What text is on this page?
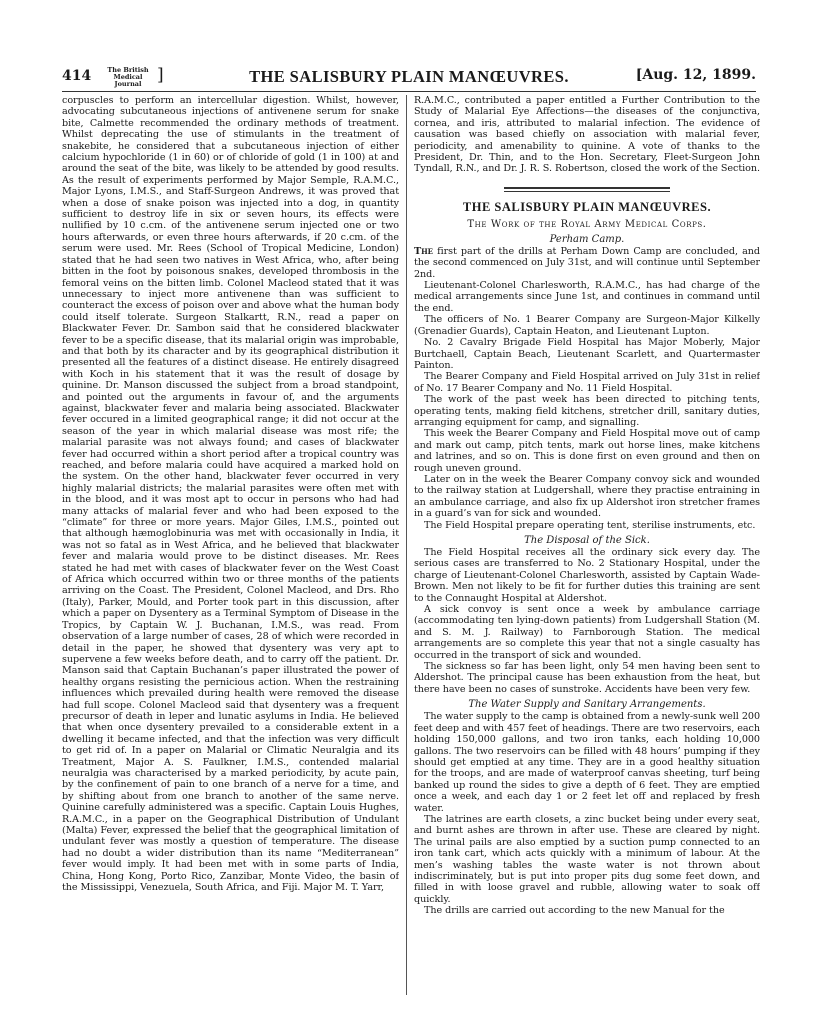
414	The British
Medical Journal ]	THE SALISBURY PLAIN MANŒUVRES.	[Aug. 12, 1899.

corpuscles to perform an intercellular digestion. Whilst, however, advocating subcutaneous injections of antivenene serum for snake bite, Calmette recommended the ordinary methods of treatment. Whilst deprecating the use of stimulants in the treatment of snakebite, he considered that a subcutaneous injection of either calcium hypochloride (1 in 60) or of chloride of gold (1 in 100) at and around the seat of the bite, was likely to be attended by good results. As the result of experiments performed by Major Semple, R.A.M.C., Major Lyons, I.M.S., and Staff-Surgeon Andrews, it was proved that when a dose of snake poison was injected into a dog, in quantity sufficient to destroy life in six or seven hours, its effects were nullified by 10 c.cm. of the antivenene serum injected one or two hours afterwards, or even three hours afterwards, if 20 c.cm. of the serum were used. Mr. Rees (School of Tropical Medicine, London) stated that he had seen two natives in West Africa, who, after being bitten in the foot by poisonous snakes, developed thrombosis in the femoral veins on the bitten limb. Colonel Macleod stated that it was unnecessary to inject more antivenene than was sufficient to counteract the excess of poison over and above what the human body could itself tolerate. Surgeon Stalkartt, R.N., read a paper on Blackwater Fever. Dr. Sambon said that he considered blackwater fever to be a specific disease, that its malarial origin was improbable, and that both by its character and by its geographical distribution it presented all the features of a distinct disease. He entirely disagreed with Koch in his statement that it was the result of dosage by quinine. Dr. Manson discussed the subject from a broad standpoint, and pointed out the arguments in favour of, and the arguments against, blackwater fever and malaria being associated. Blackwater fever occured in a limited geographical range; it did not occur at the season of the year in which malarial disease was most rife; the malarial parasite was not always found; and cases of blackwater fever had occurred within a short period after a tropical country was reached, and before malaria could have acquired a marked hold on the system. On the other hand, blackwater fever occurred in very highly malarial districts; the malarial parasites were often met with in the blood, and it was most apt to occur in persons who had had many attacks of malarial fever and who had been exposed to the “climate” for three or more years. Major Giles, I.M.S., pointed out that although hæmoglobinuria was met with occasionally in India, it was not so fatal as in West Africa, and he believed that blackwater fever and malaria would prove to be distinct diseases. Mr. Rees stated he had met with cases of blackwater fever on the West Coast of Africa which occurred within two or three months of the patients arriving on the Coast. The President, Colonel Macleod, and Drs. Rho (Italy), Parker, Mould, and Porter took part in this discussion, after which a paper on Dysentery as a Terminal Symptom of Disease in the Tropics, by Captain W. J. Buchanan, I.M.S., was read. From observation of a large number of cases, 28 of which were recorded in detail in the paper, he showed that dysentery was very apt to supervene a few weeks before death, and to carry off the patient. Dr. Manson said that Captain Buchanan’s paper illustrated the power of healthy organs resisting the pernicious action. When the restraining influences which prevailed during health were removed the disease had full scope. Colonel Macleod said that dysentery was a frequent precursor of death in leper and lunatic asylums in India. He believed that when once dysentery prevailed to a considerable extent in a dwelling it became infected, and that the infection was very difficult to get rid of. In a paper on Malarial or Climatic Neuralgia and its Treatment, Major A. S. Faulkner, I.M.S., contended malarial neuralgia was characterised by a marked periodicity, by acute pain, by the confinement of pain to one branch of a nerve for a time, and by shifting about from one branch to another of the same nerve. Quinine carefully administered was a specific. Captain Louis Hughes, R.A.M.C., in a paper on the Geographical Distribution of Undulant (Malta) Fever, expressed the belief that the geographical limitation of undulant fever was mostly a question of temperature. The disease had no doubt a wider distribution than its name “Mediterranean” fever would imply. It had been met with in some parts of India, China, Hong Kong, Porto Rico, Zanzibar, Monte Video, the basin of the Mississippi, Venezuela, South Africa, and Fiji. Major M. T. Yarr,

R.A.M.C., contributed a paper entitled a Further Contribution to the Study of Malarial Eye Affections—the diseases of the conjunctiva, cornea, and iris, attributed to malarial infection. The evidence of causation was based chiefly on association with malarial fever, periodicity, and amenability to quinine. A vote of thanks to the President, Dr. Thin, and to the Hon. Secretary, Fleet-Surgeon John Tyndall, R.N., and Dr. J. R. S. Robertson, closed the work of the Section.

THE SALISBURY PLAIN MANŒUVRES.
The Work of the Royal Army Medical Corps.
Perham Camp.

The first part of the drills at Perham Down Camp are concluded, and the second commenced on July 31st, and will continue until September 2nd.

Lieutenant-Colonel Charlesworth, R.A.M.C., has had charge of the medical arrangements since June 1st, and continues in command until the end.

The officers of No. 1 Bearer Company are Surgeon-Major Kilkelly (Grenadier Guards), Captain Heaton, and Lieutenant Lupton.

No. 2 Cavalry Brigade Field Hospital has Major Moberly, Major Burtchaell, Captain Beach, Lieutenant Scarlett, and Quartermaster Painton.

The Bearer Company and Field Hospital arrived on July 31st in relief of No. 17 Bearer Company and No. 11 Field Hospital.

The work of the past week has been directed to pitching tents, operating tents, making field kitchens, stretcher drill, sanitary duties, arranging equipment for camp, and signalling.

This week the Bearer Company and Field Hospital move out of camp and mark out camp, pitch tents, mark out horse lines, make kitchens and latrines, and so on. This is done first on even ground and then on rough uneven ground.

Later on in the week the Bearer Company convoy sick and wounded to the railway station at Ludgershall, where they practise entraining in an ambulance carriage, and also fix up Aldershot iron stretcher frames in a guard’s van for sick and wounded.

The Field Hospital prepare operating tent, sterilise instruments, etc.

The Disposal of the Sick.

The Field Hospital receives all the ordinary sick every day. The serious cases are transferred to No. 2 Stationary Hospital, under the charge of Lieutenant-Colonel Charlesworth, assisted by Captain Wade-Brown. Men not likely to be fit for further duties this training are sent to the Connaught Hospital at Aldershot.

A sick convoy is sent once a week by ambulance carriage (accommodating ten lying-down patients) from Ludgershall Station (M. and S. M. J. Railway) to Farnborough Station. The medical arrangements are so complete this year that not a single casualty has occurred in the transport of sick and wounded.

The sickness so far has been light, only 54 men having been sent to Aldershot. The principal cause has been exhaustion from the heat, but there have been no cases of sunstroke. Accidents have been very few.

The Water Supply and Sanitary Arrangements.

The water supply to the camp is obtained from a newly-sunk well 200 feet deep and with 457 feet of headings. There are two reservoirs, each holding 150,000 gallons, and two iron tanks, each holding 10,000 gallons. The two reservoirs can be filled with 48 hours’ pumping if they should get emptied at any time. They are in a good healthy situation for the troops, and are made of waterproof canvas sheeting, turf being banked up round the sides to give a depth of 6 feet. They are emptied once a week, and each day 1 or 2 feet let off and replaced by fresh water.

The latrines are earth closets, a zinc bucket being under every seat, and burnt ashes are thrown in after use. These are cleared by night. The urinal pails are also emptied by a suction pump connected to an iron tank cart, which acts quickly with a minimum of labour. At the men’s washing tables the waste water is not thrown about indiscriminately, but is put into proper pits dug some feet down, and filled in with loose gravel and rubble, allowing water to soak off quickly.

The drills are carried out according to the new Manual for the
